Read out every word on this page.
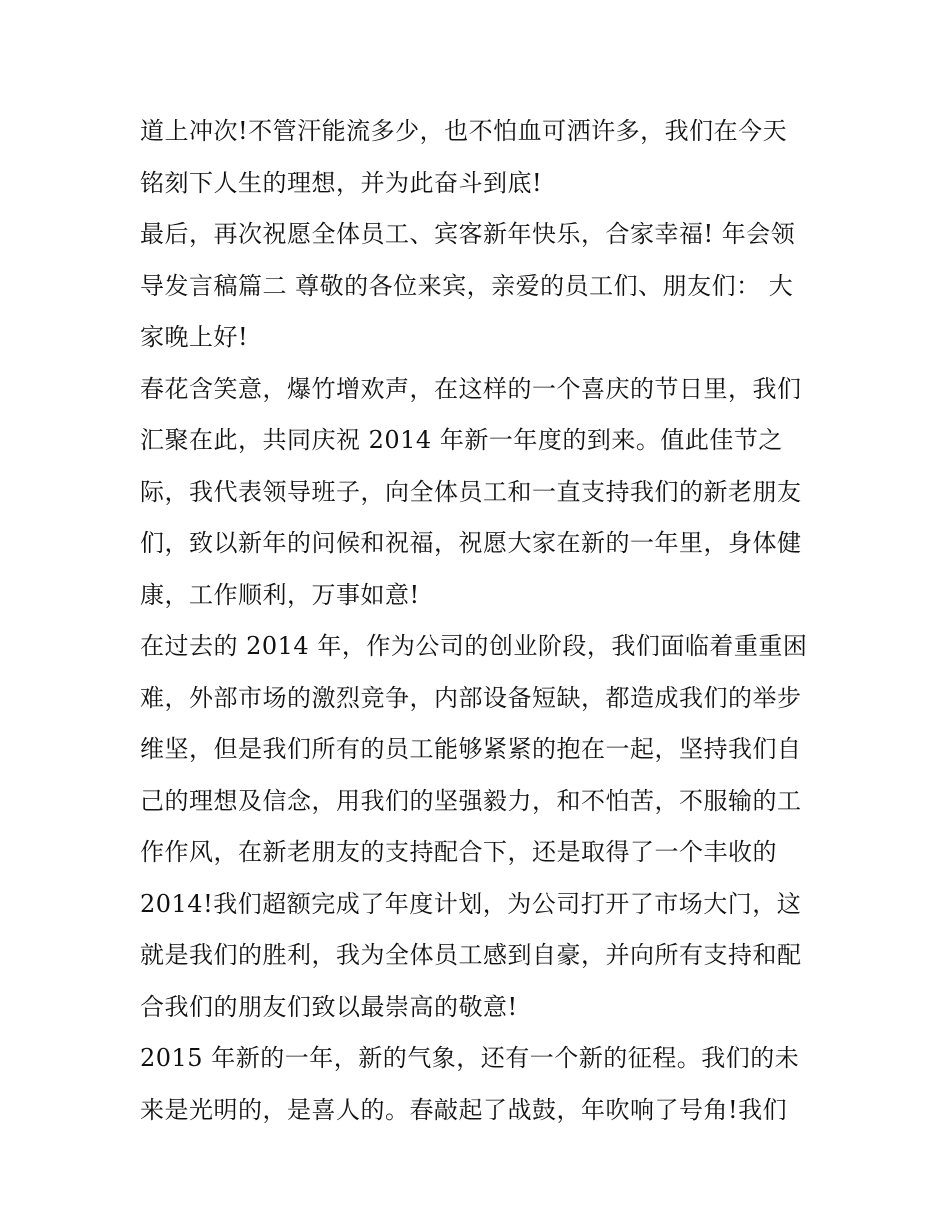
道上冲次!不管汗能流多少，也不怕血可洒许多，我们在今天
铭刻下人生的理想，并为此奋斗到底!
最后，再次祝愿全体员工、宾客新年快乐，合家幸福! 年会领
导发言稿篇二 尊敬的各位来宾，亲爱的员工们、朋友们： 大
家晚上好!
春花含笑意，爆竹增欢声，在这样的一个喜庆的节日里，我们
汇聚在此，共同庆祝 2014 年新一年度的到来。值此佳节之
际，我代表领导班子，向全体员工和一直支持我们的新老朋友
们，致以新年的问候和祝福，祝愿大家在新的一年里，身体健
康，工作顺利，万事如意!
在过去的 2014 年，作为公司的创业阶段，我们面临着重重困
难，外部市场的激烈竞争，内部设备短缺，都造成我们的举步
维坚，但是我们所有的员工能够紧紧的抱在一起，坚持我们自
己的理想及信念，用我们的坚强毅力，和不怕苦，不服输的工
作作风，在新老朋友的支持配合下，还是取得了一个丰收的
2014!我们超额完成了年度计划，为公司打开了市场大门，这
就是我们的胜利，我为全体员工感到自豪，并向所有支持和配
合我们的朋友们致以最崇高的敬意!
2015 年新的一年，新的气象，还有一个新的征程。我们的未
来是光明的，是喜人的。春敲起了战鼓，年吹响了号角!我们
